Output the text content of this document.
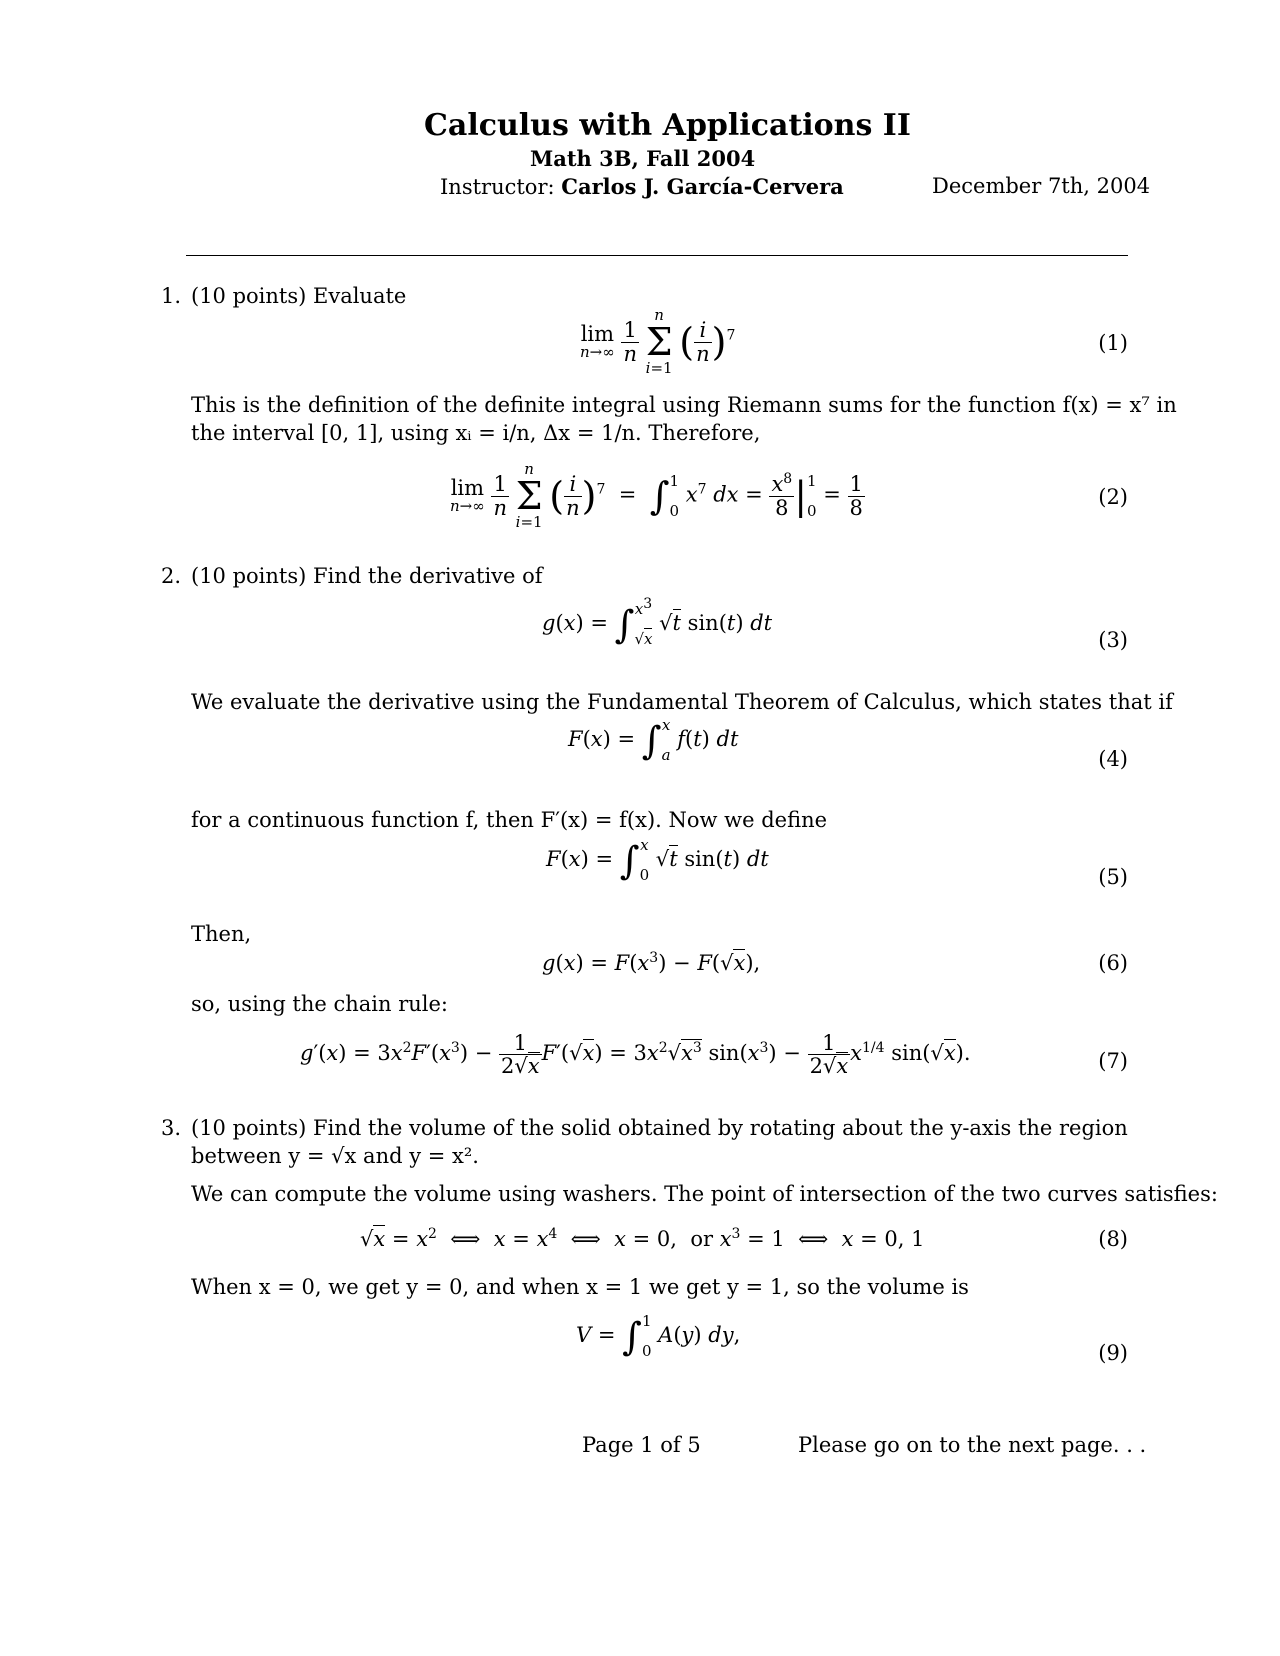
Calculus with Applications II
Math 3B, Fall 2004
Instructor: Carlos J. García-Cervera	December 7th, 2004
1. (10 points) Evaluate
lim
n→∞
$\frac{1}{n}$

n
Σ
i=1
( $\frac{i}{n} )^7$	(1)
This is the definition of the definite integral using Riemann sums for the function f(x) = x⁷ in
the interval [0, 1], using xᵢ = i/n, Δx = 1/n. Therefore,
lim
n→∞
$\frac{1}{n}$

n
Σ
i=1
( $\frac{i}{n} )^7$  =  ∫ 1

0
$x^7$ dx = $\frac{x^8}{8}$ | 1

0
= $\frac{1}{8}$	(2)
2. (10 points) Find the derivative of
g(x) = ∫ $x^3$

√x
√t sin(t) dt
(3)
We evaluate the derivative using the Fundamental Theorem of Calculus, which states that if
F(x) = ∫ x

a
f(t) dt
(4)
for a continuous function f, then F′(x) = f(x). Now we define
F(x) = ∫ x

0
√t sin(t) dt
(5)
Then,
$g(x) = F(x^3) - F(√x)$,	(6)
so, using the chain rule:
$g'(x) = 3x^2F'(x^3) - \frac{1}{2√x} F'(√x) = 3x^2√x^3$ $\sin(x^3) - \frac{1}{2√x} x^{1/4}$ sin(√x).	(7)
3. (10 points) Find the volume of the solid obtained by rotating about the y-axis the region
between y = √x and y = x².
We can compute the volume using washers. The point of intersection of the two curves satisfies:
$√x = x^2$  ⟺  $x = x^4$  ⟺  x = 0,  or $x^3 = 1$  ⟺  x = 0, 1	(8)
When x = 0, we get y = 0, and when x = 1 we get y = 1, so the volume is
V = ∫ 1

0
A(y) dy,
(9)
Page 1 of 5	Please go on to the next page. . .
